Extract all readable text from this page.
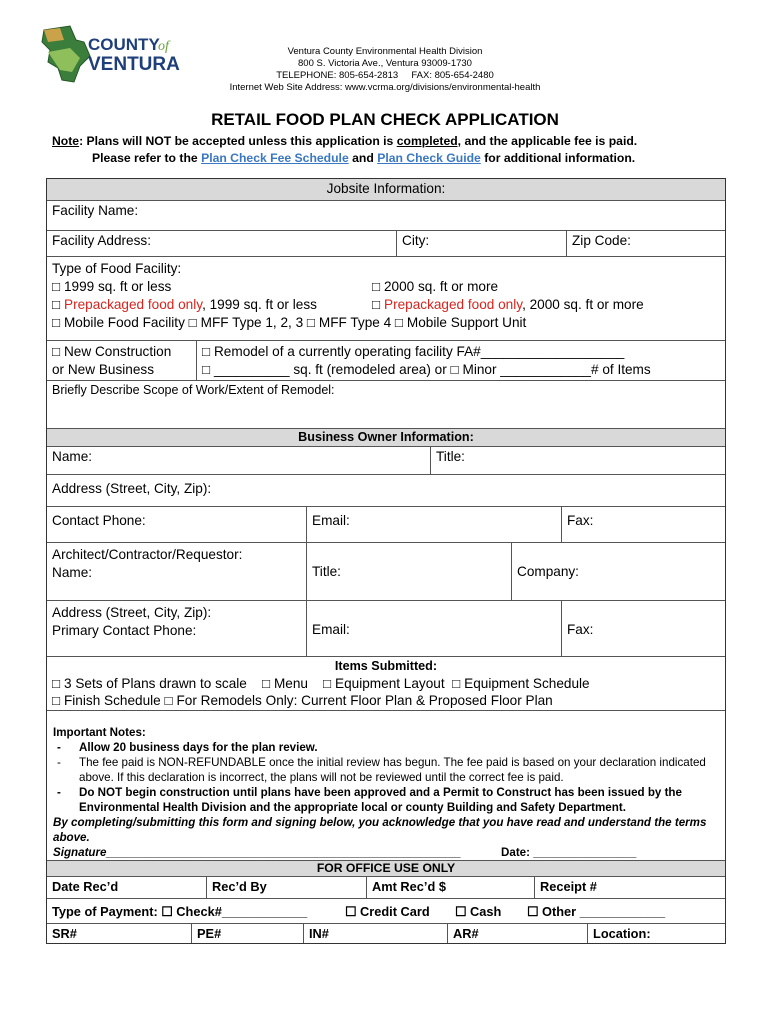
COUNTY
of
VENTURA
Ventura County Environmental Health Division
800 S. Victoria Ave., Ventura 93009-1730
TELEPHONE: 805-654-2813     FAX: 805-654-2480
Internet Web Site Address: www.vcrma.org/divisions/environmental-health
RETAIL FOOD PLAN CHECK APPLICATION
Note: Plans will NOT be accepted unless this application is completed, and the applicable fee is paid.
Please refer to the Plan Check Fee Schedule and Plan Check Guide for additional information.
Jobsite Information:
Facility Name:
Facility Address:	City:	Zip Code:
Type of Food Facility:
□ 1999 sq. ft or less	□ 2000 sq. ft or more
□ Prepackaged food only, 1999 sq. ft or less	□ Prepackaged food only, 2000 sq. ft or more
□ Mobile Food Facility □ MFF Type 1, 2, 3 □ MFF Type 4 □ Mobile Support Unit
□ New Construction
or New Business
□ Remodel of a currently operating facility FA#___________________
□ __________ sq. ft (remodeled area) or □ Minor ____________# of Items
Briefly Describe Scope of Work/Extent of Remodel:
Business Owner Information:
Name:	Title:
Address (Street, City, Zip):
Contact Phone:	Email:	Fax:
Architect/Contractor/Requestor:
Name:	Title:	Company:
Address (Street, City, Zip):
Primary Contact Phone:	Email:	Fax:
Items Submitted:
□ 3 Sets of Plans drawn to scale    □ Menu    □ Equipment Layout  □ Equipment Schedule
□ Finish Schedule □ For Remodels Only: Current Floor Plan & Proposed Floor Plan
Important Notes:
- Allow 20 business days for the plan review.
- The fee paid is NON-REFUNDABLE once the initial review has begun. The fee paid is based on your declaration indicated above. If this declaration is incorrect, the plans will not be reviewed until the correct fee is paid.
- Do NOT begin construction until plans have been approved and a Permit to Construct has been issued by the Environmental Health Division and the appropriate local or county Building and Safety Department.
By completing/submitting this form and signing below, you acknowledge that you have read and understand the terms above.
Signature_______________________________________________________	Date: ________________
FOR OFFICE USE ONLY
Date Rec’d	Rec’d By	Amt Rec’d $	Receipt #
Type of Payment: ☐ Check#____________	☐ Credit Card	☐ Cash	☐ Other ____________
SR#	PE#	IN#	AR#	Location:
